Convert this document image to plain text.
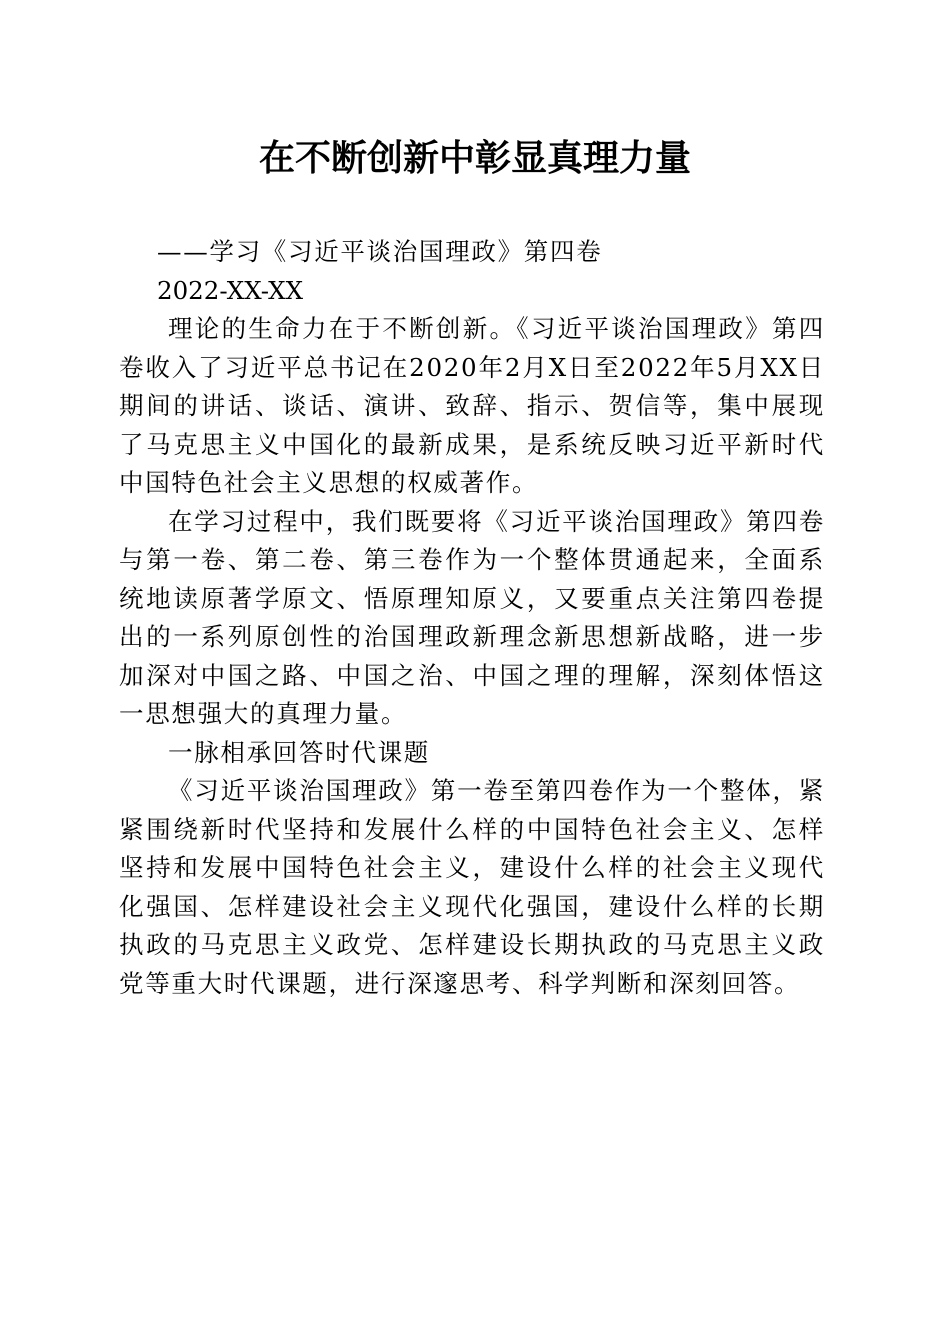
在不断创新中彰显真理力量

——学习《习近平谈治国理政》第四卷

2022-XX-XX

理论的生命力在于不断创新。《习近平谈治国理政》第四卷收入了习近平总书记在2020年2月X日至2022年5月XX日期间的讲话、谈话、演讲、致辞、指示、贺信等，集中展现了马克思主义中国化的最新成果，是系统反映习近平新时代中国特色社会主义思想的权威著作。

在学习过程中，我们既要将《习近平谈治国理政》第四卷与第一卷、第二卷、第三卷作为一个整体贯通起来，全面系统地读原著学原文、悟原理知原义，又要重点关注第四卷提出的一系列原创性的治国理政新理念新思想新战略，进一步加深对中国之路、中国之治、中国之理的理解，深刻体悟这一思想强大的真理力量。

一脉相承回答时代课题

《习近平谈治国理政》第一卷至第四卷作为一个整体，紧紧围绕新时代坚持和发展什么样的中国特色社会主义、怎样坚持和发展中国特色社会主义，建设什么样的社会主义现代化强国、怎样建设社会主义现代化强国，建设什么样的长期执政的马克思主义政党、怎样建设长期执政的马克思主义政党等重大时代课题，进行深邃思考、科学判断和深刻回答。
